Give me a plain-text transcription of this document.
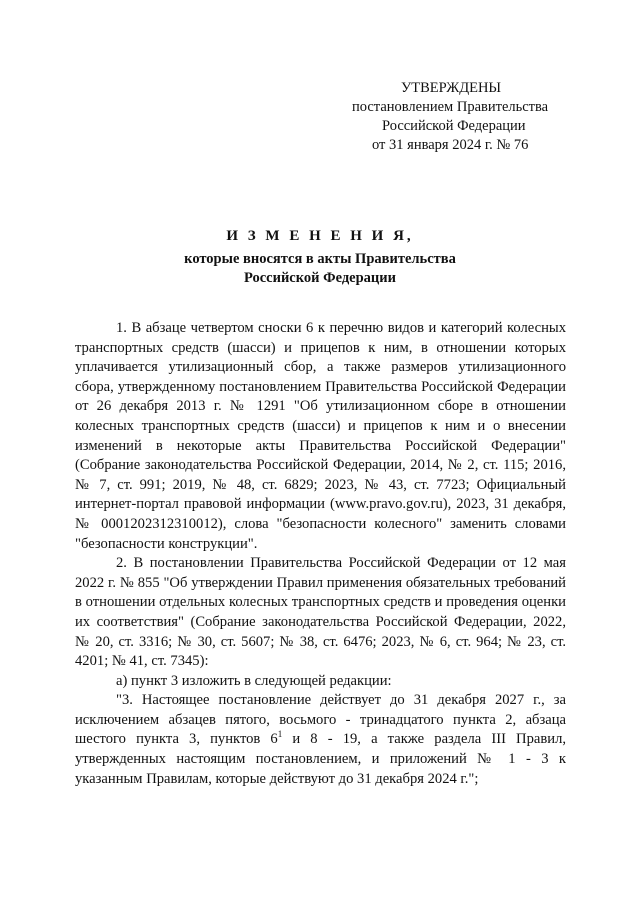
УТВЕРЖДЕНЫ
постановлением Правительства
Российской Федерации
от 31 января 2024 г. № 76
И З М Е Н Е Н И Я,
которые вносятся в акты Правительства
Российской Федерации

1. В абзаце четвертом сноски 6 к перечню видов и категорий колесных транспортных средств (шасси) и прицепов к ним, в отношении которых уплачивается утилизационный сбор, а также размеров утилизационного сбора, утвержденному постановлением Правительства Российской Федерации от 26 декабря 2013 г. № 1291 "Об утилизационном сборе в отношении колесных транспортных средств (шасси) и прицепов к ним и о внесении изменений в некоторые акты Правительства Российской Федерации" (Собрание законодательства Российской Федерации, 2014, № 2, ст. 115; 2016, № 7, ст. 991; 2019, № 48, ст. 6829; 2023, № 43, ст. 7723; Официальный интернет-портал правовой информации (www.pravo.gov.ru), 2023, 31 декабря, № 0001202312310012), слова "безопасности колесного" заменить словами "безопасности конструкции".

2. В постановлении Правительства Российской Федерации от 12 мая 2022 г. № 855 "Об утверждении Правил применения обязательных требований в отношении отдельных колесных транспортных средств и проведения оценки их соответствия" (Собрание законодательства Российской Федерации, 2022, № 20, ст. 3316; № 30, ст. 5607; № 38, ст. 6476; 2023, № 6, ст. 964; № 23, ст. 4201; № 41, ст. 7345):

а) пункт 3 изложить в следующей редакции:

"3. Настоящее постановление действует до 31 декабря 2027 г., за исключением абзацев пятого, восьмого - тринадцатого пункта 2, абзаца шестого пункта 3, пунктов $6^1$ и 8 - 19, а также раздела III Правил, утвержденных настоящим постановлением, и приложений № 1 - 3 к указанным Правилам, которые действуют до 31 декабря 2024 г.";
